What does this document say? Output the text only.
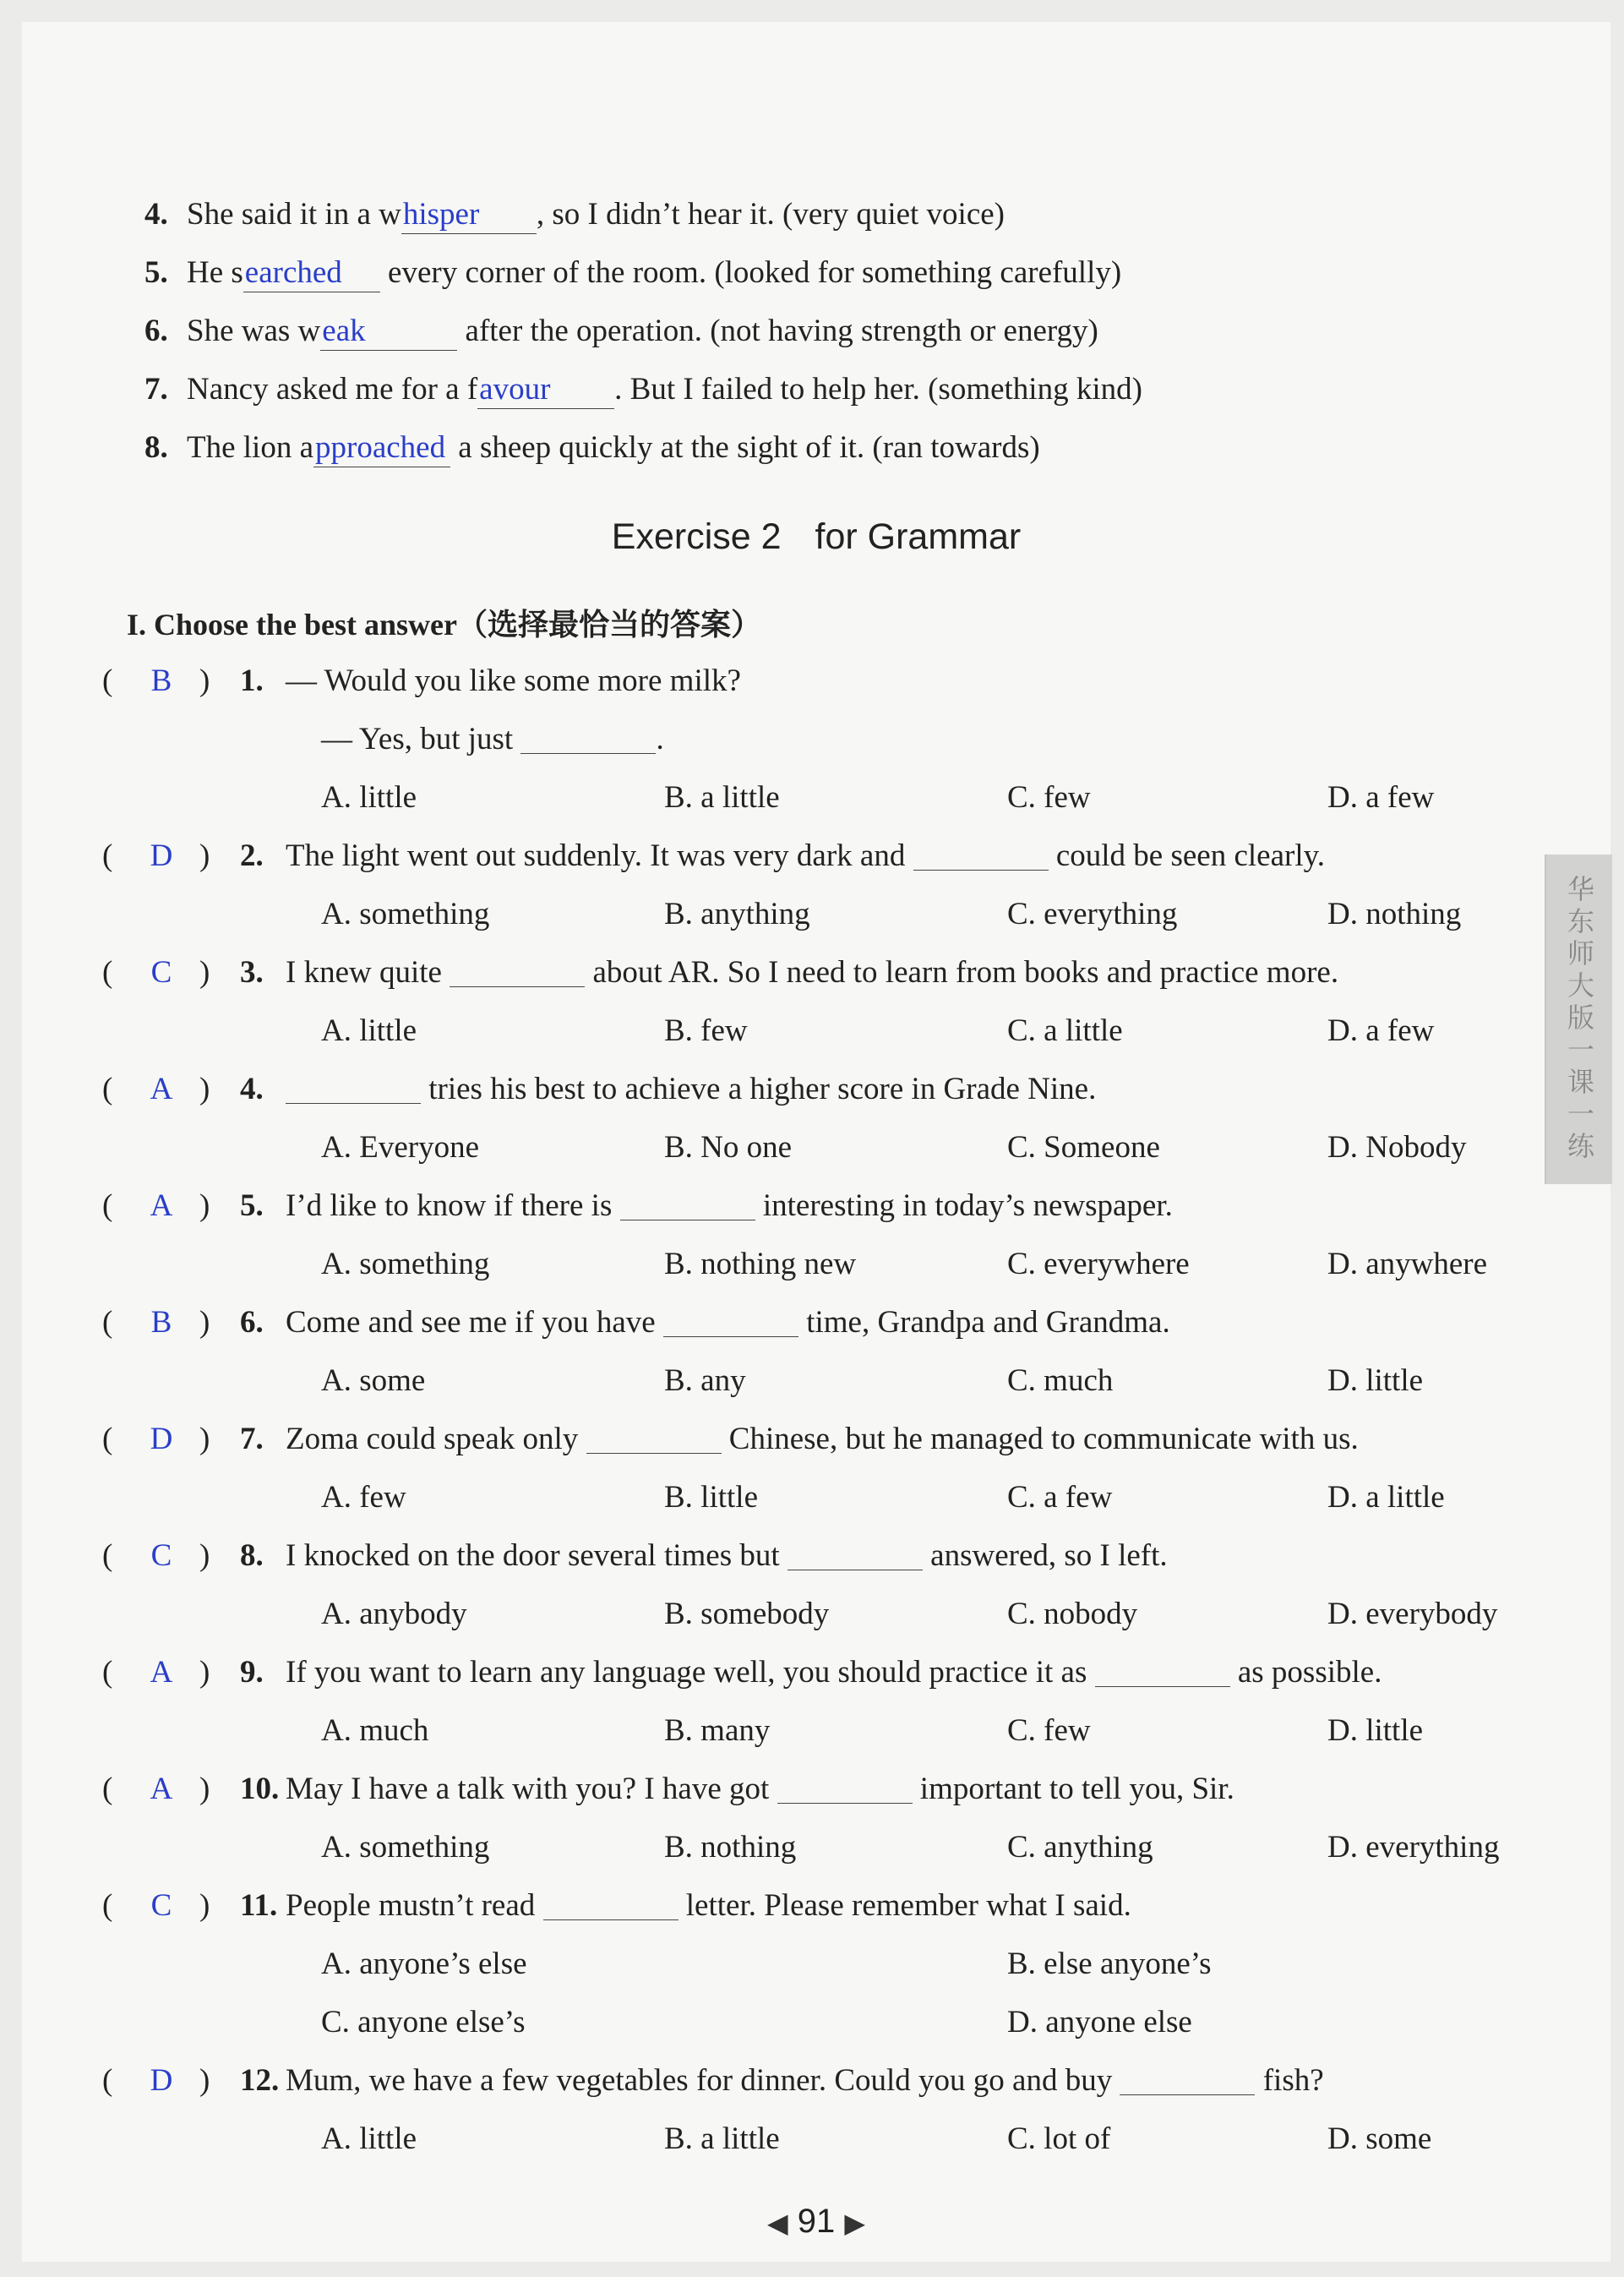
4. She said it in a whisper , so I didn’t hear it. (very quiet voice)
5. He searched every corner of the room. (looked for something carefully)
6. She was weak	after the operation. (not having strength or energy)
7. Nancy asked me for a favour . But I failed to help her. (something kind)
8. The lion approached a sheep quickly at the sight of it. (ran towards)
Exercise 2 for Grammar
I. Choose the best answer（选择最恰当的答案）
(	B ) 1. — Would you like some more milk?
— Yes, but just	.
A. little	B. a little	C. few	D. a few
(	D ) 2. The light went out suddenly. It was very dark and	could be seen clearly.
A. something	B. anything	C. everything	D. nothing
(	C ) 3. I knew quite	about AR. So I need to learn from books and practice more.
A. little	B. few	C. a little	D. a few
(	A ) 4.	tries his best to achieve a higher score in Grade Nine.
A. Everyone	B. No one	C. Someone	D. Nobody
(	A ) 5. I’d like to know if there is	interesting in today’s newspaper.
A. something	B. nothing new	C. everywhere	D. anywhere
(	B ) 6. Come and see me if you have	time, Grandpa and Grandma.
A. some	B. any	C. much	D. little
(	D ) 7. Zoma could speak only	Chinese, but he managed to communicate with us.
A. few	B. little	C. a few	D. a little
(	C ) 8. I knocked on the door several times but	answered, so I left.
A. anybody	B. somebody	C. nobody	D. everybody
(	A ) 9. If you want to learn any language well, you should practice it as	as possible.
A. much	B. many	C. few	D. little
(	A ) 10. May I have a talk with you? I have got	important to tell you, Sir.
A. something	B. nothing	C. anything	D. everything
(	C ) 11. People mustn’t read	letter. Please remember what I said.
A. anyone’s else	B. else anyone’s
C. anyone else’s	D. anyone else
(	D ) 12. Mum, we have a few vegetables for dinner. Could you go and buy	fish?
A. little	B. a little	C. lot of	D. some
华东师大版一课一练
◀ 91 ▶
